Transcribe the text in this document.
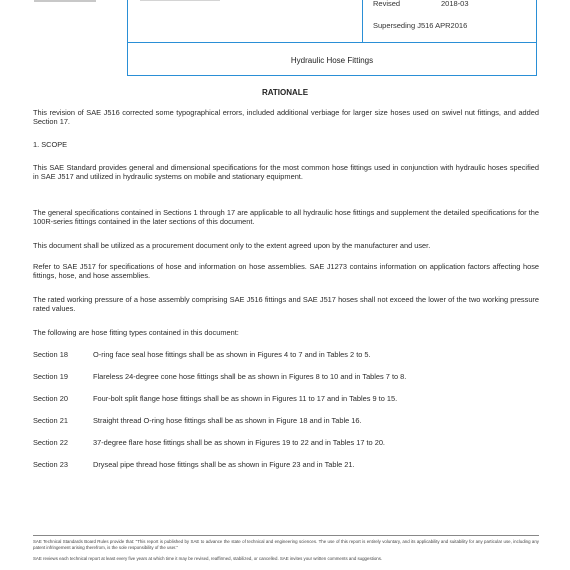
Revised	2018-03
Superseding J516 APR2016
Hydraulic Hose Fittings
RATIONALE
This revision of SAE J516 corrected some typographical errors, included additional verbiage for larger size hoses used on swivel nut fittings, and added Section 17.
1. SCOPE
This SAE Standard provides general and dimensional specifications for the most common hose fittings used in conjunction with hydraulic hoses specified in SAE J517 and utilized in hydraulic systems on mobile and stationary equipment.
The general specifications contained in Sections 1 through 17 are applicable to all hydraulic hose fittings and supplement the detailed specifications for the 100R-series fittings contained in the later sections of this document.
This document shall be utilized as a procurement document only to the extent agreed upon by the manufacturer and user.
Refer to SAE J517 for specifications of hose and information on hose assemblies. SAE J1273 contains information on application factors affecting hose fittings, hose, and hose assemblies.
The rated working pressure of a hose assembly comprising SAE J516 fittings and SAE J517 hoses shall not exceed the lower of the two working pressure rated values.
The following are hose fitting types contained in this document:
Section 18	O-ring face seal hose fittings shall be as shown in Figures 4 to 7 and in Tables 2 to 5.
Section 19	Flareless 24-degree cone hose fittings shall be as shown in Figures 8 to 10 and in Tables 7 to 8.
Section 20	Four-bolt split flange hose fittings shall be as shown in Figures 11 to 17 and in Tables 9 to 15.
Section 21	Straight thread O-ring hose fittings shall be as shown in Figure 18 and in Table 16.
Section 22	37-degree flare hose fittings shall be as shown in Figures 19 to 22 and in Tables 17 to 20.
Section 23	Dryseal pipe thread hose fittings shall be as shown in Figure 23 and in Table 21.
SAE Technical Standards Board Rules provide that: "This report is published by SAE to advance the state of technical and engineering sciences. The use of this report is entirely voluntary, and its applicability and suitability for any particular use, including any patent infringement arising therefrom, is the sole responsibility of the user."
SAE reviews each technical report at least every five years at which time it may be revised, reaffirmed, stabilized, or cancelled. SAE invites your written comments and suggestions.
